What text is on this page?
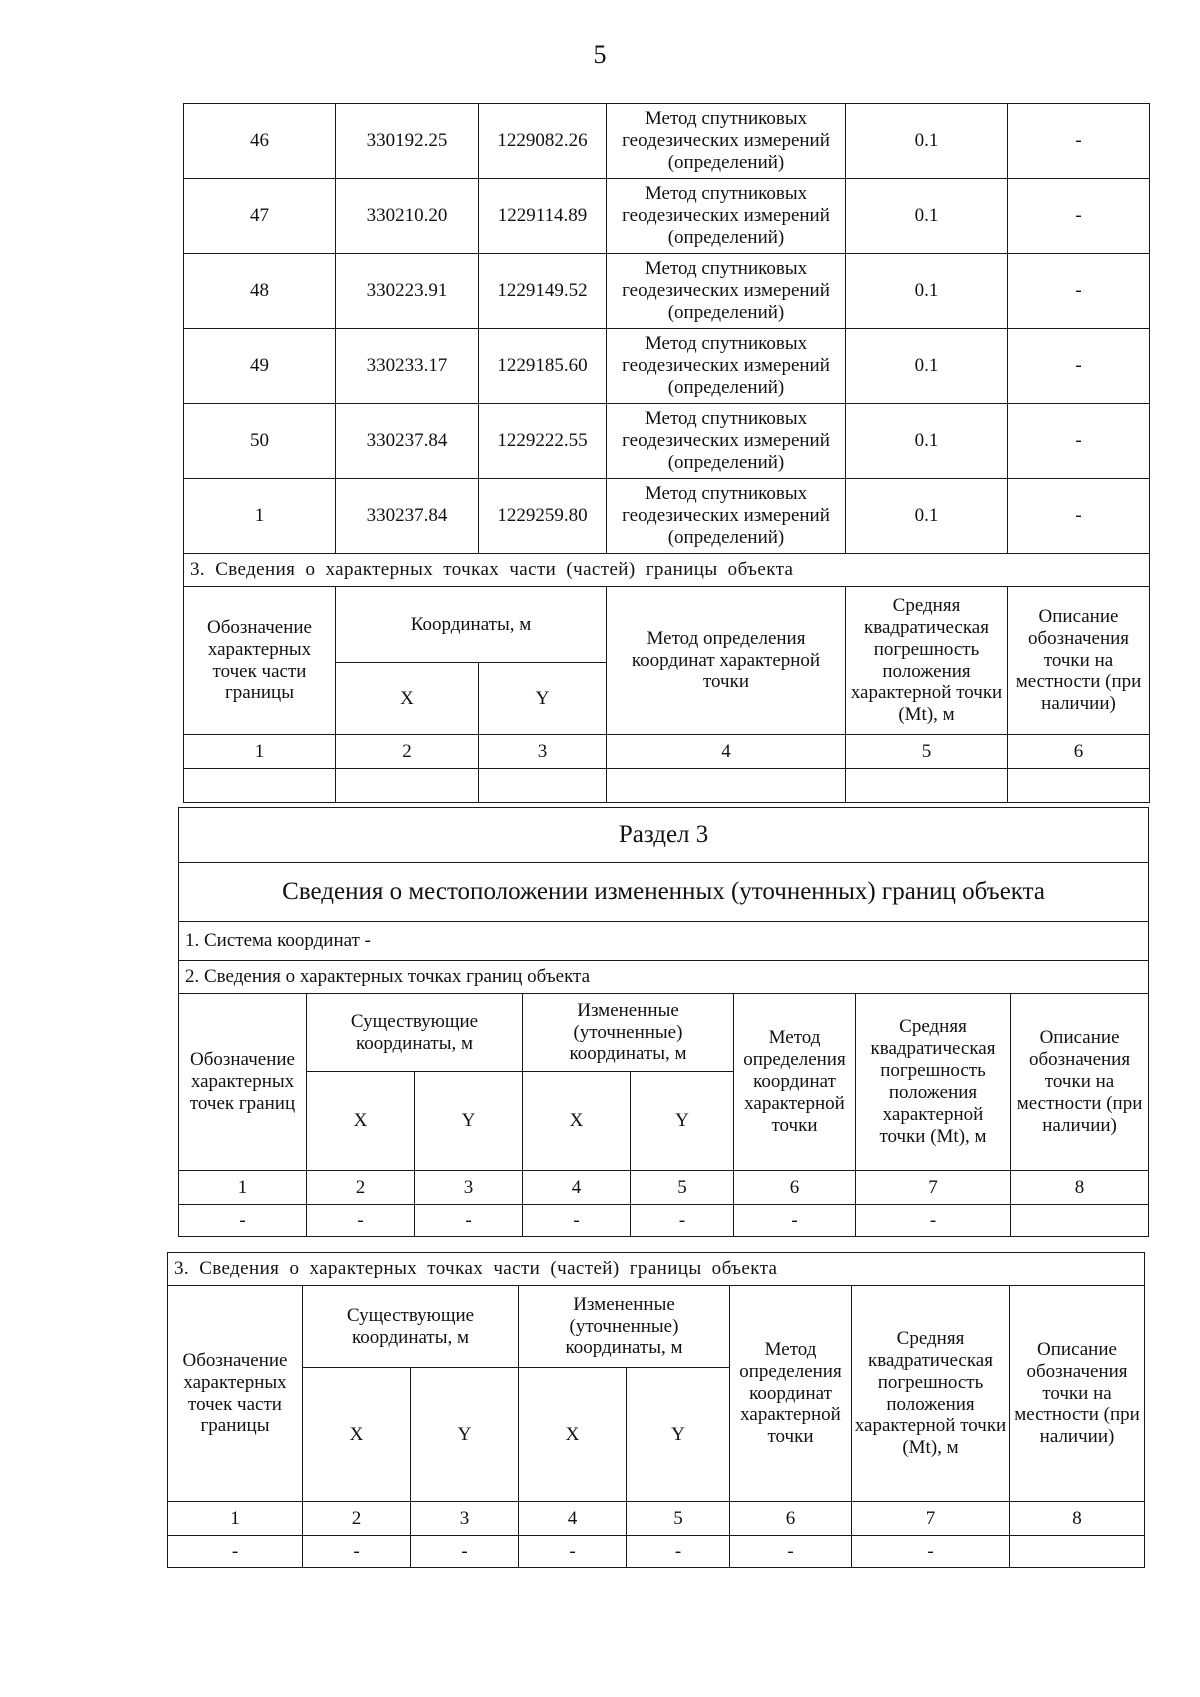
5
46	330192.25	1229082.26	Метод спутниковых геодезических измерений (определений)	0.1	-
47	330210.20	1229114.89	Метод спутниковых геодезических измерений (определений)	0.1	-
48	330223.91	1229149.52	Метод спутниковых геодезических измерений (определений)	0.1	-
49	330233.17	1229185.60	Метод спутниковых геодезических измерений (определений)	0.1	-
50	330237.84	1229222.55	Метод спутниковых геодезических измерений (определений)	0.1	-
1	330237.84	1229259.80	Метод спутниковых геодезических измерений (определений)	0.1	-
3. Сведения о характерных точках части (частей) границы объекта					
Обозначение характерных точек части границы	Координаты, м		Метод определения координат характерной точки	Средняя квадратическая погрешность положения характерной точки (Mt), м	Описание обозначения точки на местности (при наличии)
	X	Y			
1	2	3	4	5	6

Раздел 3							
Сведения о местоположении измененных (уточненных) границ объекта							
1. Система координат -							
2. Сведения о характерных точках границ объекта							
Обозначение характерных точек границ	Существующие координаты, м		Измененные (уточненные) координаты, м		Метод определения координат характерной точки	Средняя квадратическая погрешность положения характерной точки (Mt), м	Описание обозначения точки на местности (при наличии)
	X	Y	X	Y			
1	2	3	4	5	6	7	8
-	-	-	-	-	-	-	
3. Сведения о характерных точках части (частей) границы объекта							
Обозначение характерных точек части границы	Существующие координаты, м		Измененные (уточненные) координаты, м		Метод определения координат характерной точки	Средняя квадратическая погрешность положения характерной точки (Mt), м	Описание обозначения точки на местности (при наличии)
	X	Y	X	Y			
1	2	3	4	5	6	7	8
-	-	-	-	-	-	-	
